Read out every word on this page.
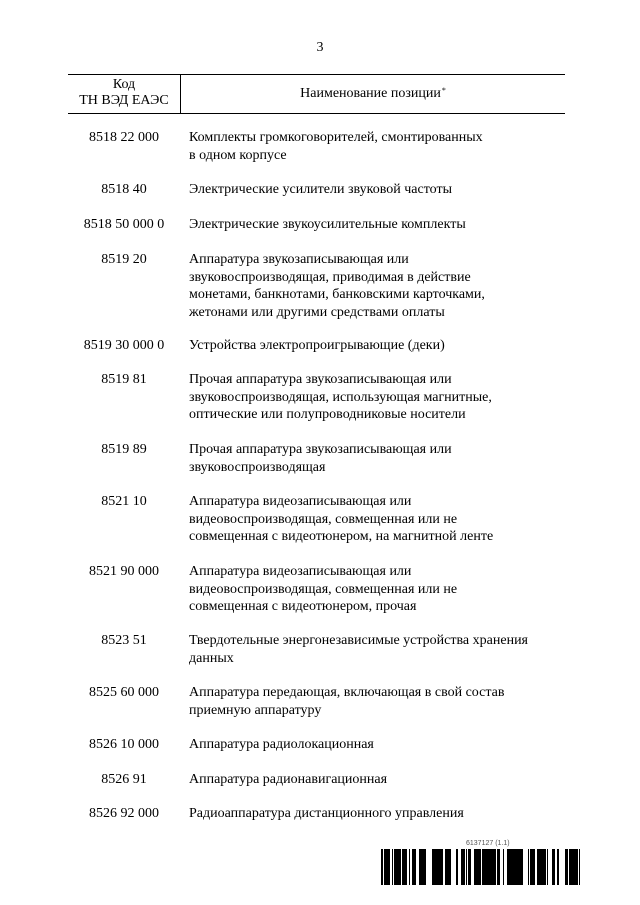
3
Код
ТН ВЭД ЕАЭС	Наименование позиции*
8518 22 000	Комплекты громкоговорителей, смонтированных
в одном корпусе
8518 40	Электрические усилители звуковой частоты
8518 50 000 0	Электрические звукоусилительные комплекты
8519 20	Аппаратура звукозаписывающая или
звуковоспроизводящая, приводимая в действие
монетами, банкнотами, банковскими карточками,
жетонами или другими средствами оплаты
8519 30 000 0	Устройства электропроигрывающие (деки)
8519 81	Прочая аппаратура звукозаписывающая или
звуковоспроизводящая, использующая магнитные,
оптические или полупроводниковые носители
8519 89	Прочая аппаратура звукозаписывающая или
звуковоспроизводящая
8521 10	Аппаратура видеозаписывающая или
видеовоспроизводящая, совмещенная или не
совмещенная с видеотюнером, на магнитной ленте
8521 90 000	Аппаратура видеозаписывающая или
видеовоспроизводящая, совмещенная или не
совмещенная с видеотюнером, прочая
8523 51	Твердотельные энергонезависимые устройства хранения
данных
8525 60 000	Аппаратура передающая, включающая в свой состав
приемную аппаратуру
8526 10 000	Аппаратура радиолокационная
8526 91	Аппаратура радионавигационная
8526 92 000	Радиоаппаратура дистанционного управления
6137127 (1.1)
